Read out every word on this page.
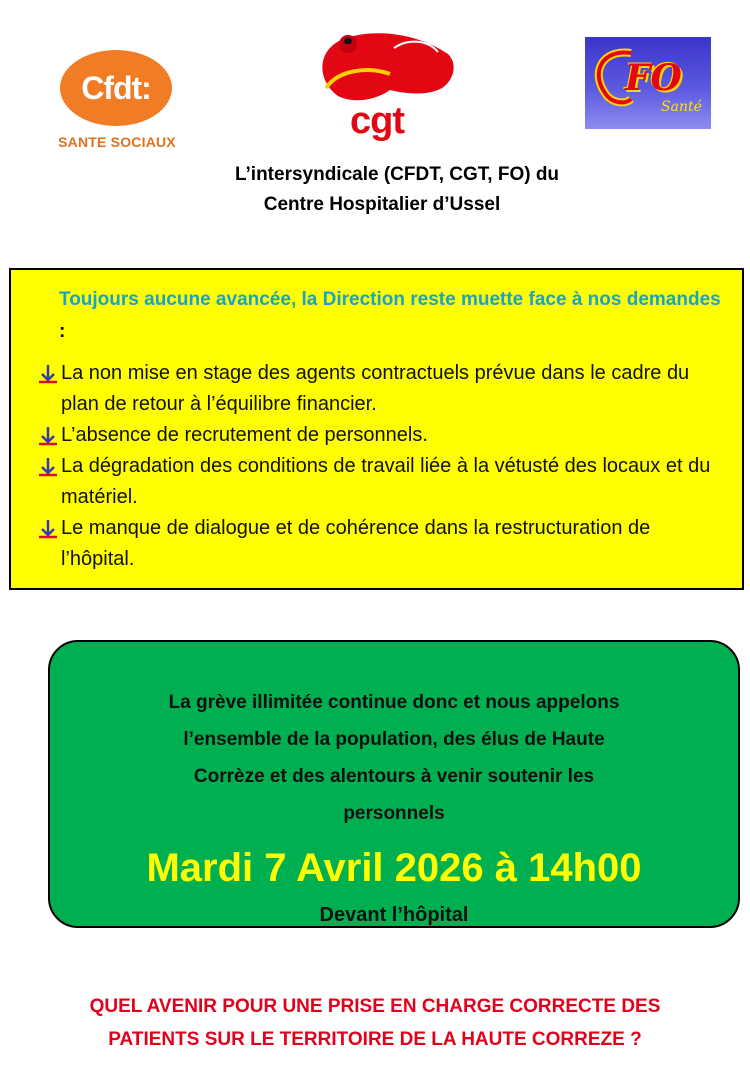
Cfdt:
SANTE SOCIAUX	cgt
FO
Santé
L’intersyndicale (CFDT, CGT, FO) du
Centre Hospitalier d’Ussel
Toujours aucune avancée, la Direction reste muette face à nos demandes :
La non mise en stage des agents contractuels prévue dans le cadre du plan de retour à l’équilibre financier.
L’absence de recrutement de personnels.
La dégradation des conditions de travail liée à la vétusté des locaux et du matériel.
Le manque de dialogue et de cohérence dans la restructuration de l’hôpital.
La grève illimitée continue donc et nous appelons
l’ensemble de la population, des élus de Haute
Corrèze et des alentours à venir soutenir les
personnels
Mardi 7 Avril 2026 à 14h00
Devant l’hôpital
QUEL AVENIR POUR UNE PRISE EN CHARGE CORRECTE DES
PATIENTS SUR LE TERRITOIRE DE LA HAUTE CORREZE ?
